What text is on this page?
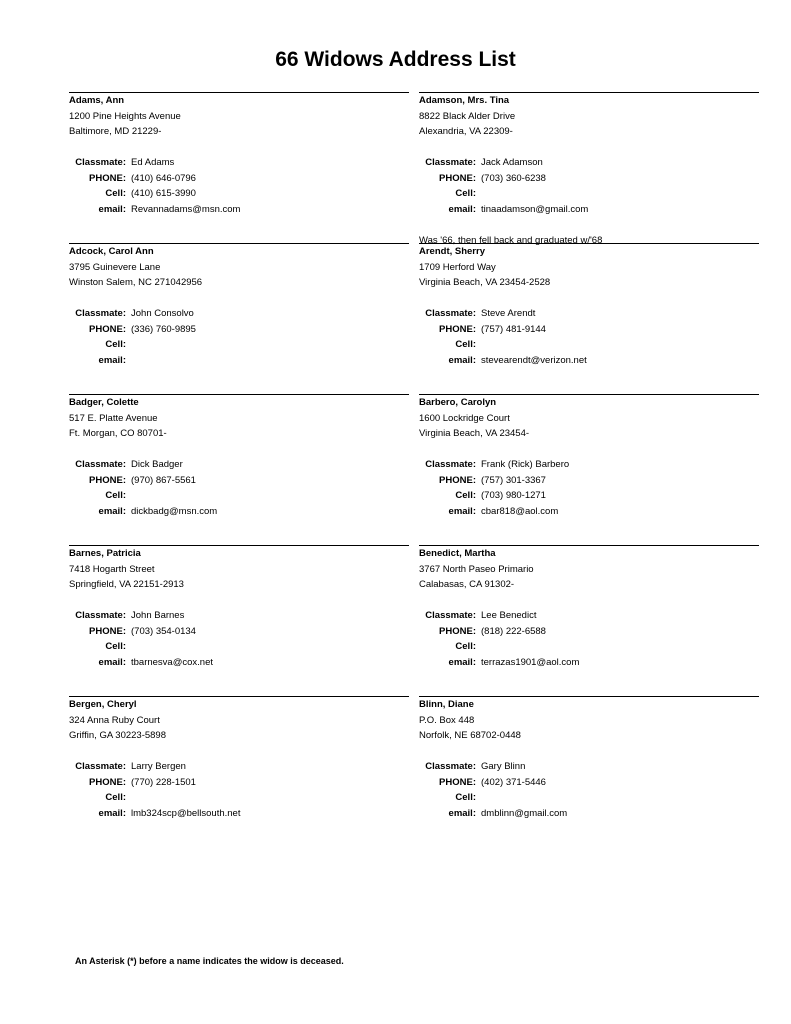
66 Widows Address List
Adams, Ann
1200 Pine Heights Avenue
Baltimore, MD 21229-
Classmate: Ed Adams
PHONE: (410) 646-0796
Cell: (410) 615-3990
email: Revannadams@msn.com
Adamson, Mrs. Tina
8822 Black Alder Drive
Alexandria, VA 22309-
Classmate: Jack Adamson
PHONE: (703) 360-6238
Cell:
email: tinaadamson@gmail.com
Was '66, then fell back and graduated w/'68
Adcock, Carol Ann
3795 Guinevere Lane
Winston Salem, NC 271042956
Classmate: John Consolvo
PHONE: (336) 760-9895
Cell:
email:
Arendt, Sherry
1709 Herford Way
Virginia Beach, VA 23454-2528
Classmate: Steve Arendt
PHONE: (757) 481-9144
Cell:
email: stevearendt@verizon.net
Badger, Colette
517 E. Platte Avenue
Ft. Morgan, CO 80701-
Classmate: Dick Badger
PHONE: (970) 867-5561
Cell:
email: dickbadg@msn.com
Barbero, Carolyn
1600 Lockridge Court
Virginia Beach, VA 23454-
Classmate: Frank (Rick) Barbero
PHONE: (757) 301-3367
Cell: (703) 980-1271
email: cbar818@aol.com
Barnes, Patricia
7418 Hogarth Street
Springfield, VA 22151-2913
Classmate: John Barnes
PHONE: (703) 354-0134
Cell:
email: tbarnesva@cox.net
Benedict, Martha
3767 North Paseo Primario
Calabasas, CA 91302-
Classmate: Lee Benedict
PHONE: (818) 222-6588
Cell:
email: terrazas1901@aol.com
Bergen, Cheryl
324 Anna Ruby Court
Griffin, GA 30223-5898
Classmate: Larry Bergen
PHONE: (770) 228-1501
Cell:
email: lmb324scp@bellsouth.net
Blinn, Diane
P.O. Box 448
Norfolk, NE 68702-0448
Classmate: Gary Blinn
PHONE: (402) 371-5446
Cell:
email: dmblinn@gmail.com
An Asterisk (*) before a name indicates the widow is deceased.
